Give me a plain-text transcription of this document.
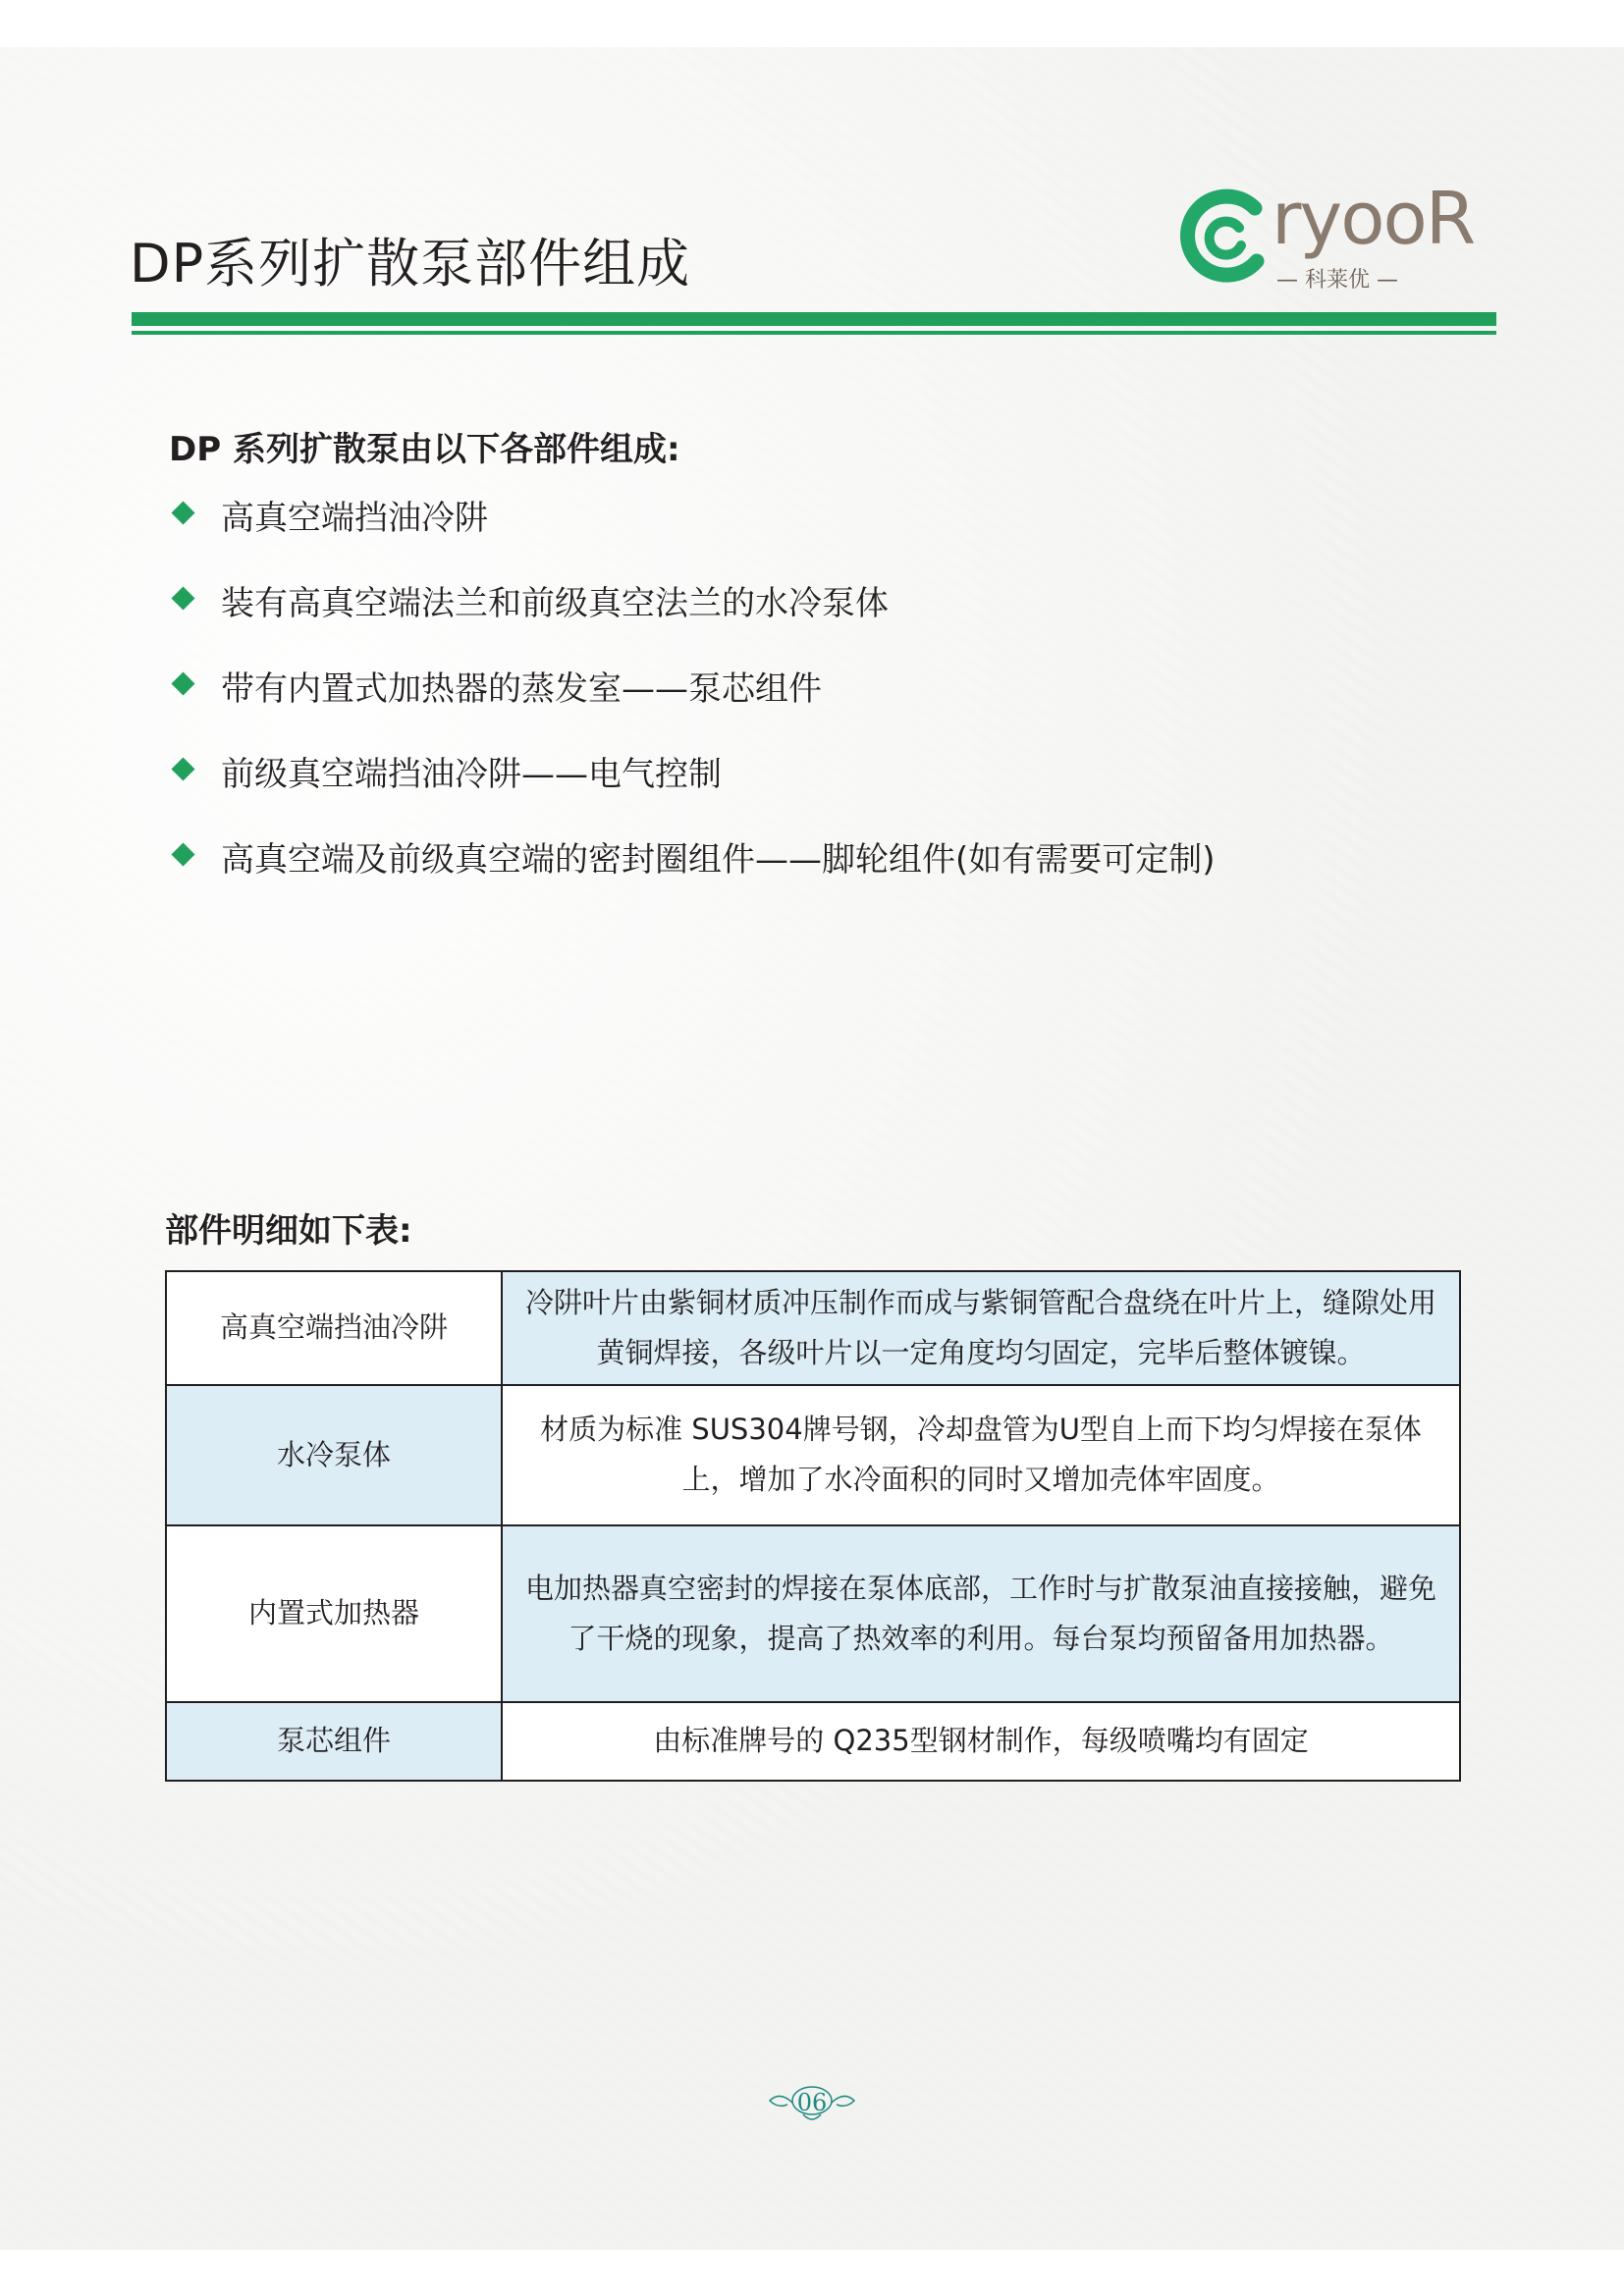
DP系列扩散泵部件组成
ryooR
— 科莱优 —
DP 系列扩散泵由以下各部件组成:
高真空端挡油冷阱
装有高真空端法兰和前级真空法兰的水冷泵体
带有内置式加热器的蒸发室——泵芯组件
前级真空端挡油冷阱——电气控制
高真空端及前级真空端的密封圈组件——脚轮组件(如有需要可定制)
部件明细如下表:
高真空端挡油冷阱	冷阱叶片由紫铜材质冲压制作而成与紫铜管配合盘绕在叶片上，缝隙处用黄铜焊接，各级叶片以一定角度均匀固定，完毕后整体镀镍。
水冷泵体	材质为标准 SUS304牌号钢，冷却盘管为U型自上而下均匀焊接在泵体上，增加了水冷面积的同时又增加壳体牢固度。
内置式加热器	电加热器真空密封的焊接在泵体底部，工作时与扩散泵油直接接触，避免了干烧的现象，提高了热效率的利用。每台泵均预留备用加热器。
泵芯组件	由标准牌号的 Q235型钢材制作，每级喷嘴均有固定
06
